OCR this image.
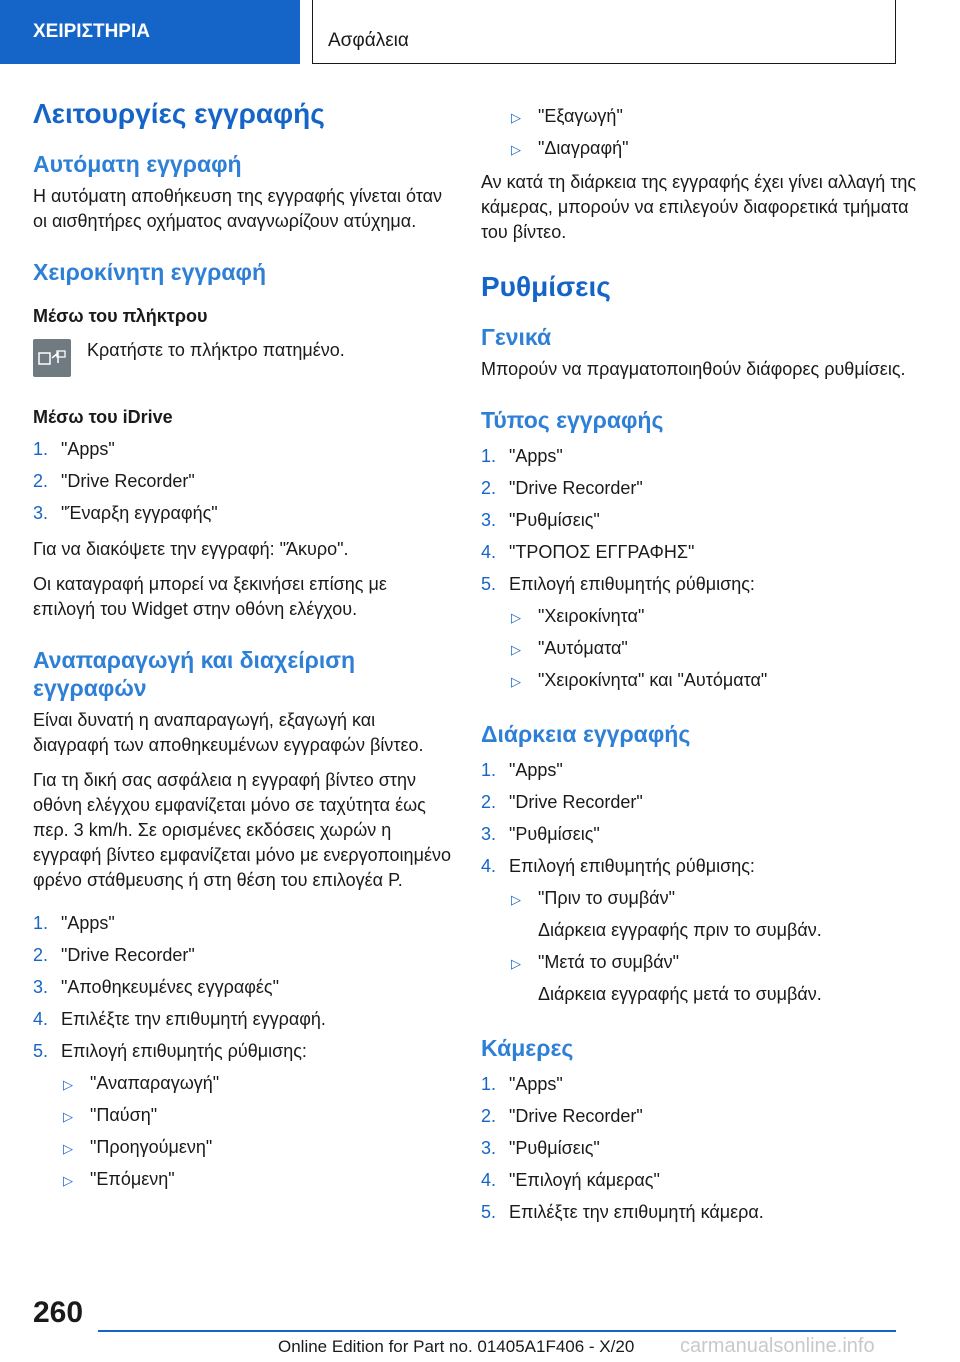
ΧΕΙΡΙΣΤΗΡΙΑ	Ασφάλεια
Λειτουργίες εγγραφής
Αυτόματη εγγραφή

Η αυτόματη αποθήκευση της εγγραφής γίνεται όταν οι αισθητήρες οχήματος αναγνωρίζουν ατύχημα.

Χειροκίνητη εγγραφή
Μέσω του πλήκτρου

Κρατήστε το πλήκτρο πατημένο.

Μέσω του iDrive
1. "Apps"
2. "Drive Recorder"
3. "Έναρξη εγγραφής"

Για να διακόψετε την εγγραφή: "Άκυρο".

Οι καταγραφή μπορεί να ξεκινήσει επίσης με επιλογή του Widget στην οθόνη ελέγχου.

Αναπαραγωγή και διαχείριση εγγραφών

Είναι δυνατή η αναπαραγωγή, εξαγωγή και διαγραφή των αποθηκευμένων εγγραφών βίντεο.

Για τη δική σας ασφάλεια η εγγραφή βίντεο στην οθόνη ελέγχου εμφανίζεται μόνο σε ταχύτητα έως περ. 3 km/h. Σε ορισμένες εκδόσεις χωρών η εγγραφή βίντεο εμφανίζεται μόνο με ενεργοποιημένο φρένο στάθμευσης ή στη θέση του επιλογέα P.

1. "Apps"
2. "Drive Recorder"
3. "Αποθηκευμένες εγγραφές"
4. Επιλέξτε την επιθυμητή εγγραφή.
5. Επιλογή επιθυμητής ρύθμισης:
▷ "Αναπαραγωγή"
▷ "Παύση"
▷ "Προηγούμενη"
▷ "Επόμενη"
▷ "Εξαγωγή"
▷ "Διαγραφή"

Αν κατά τη διάρκεια της εγγραφής έχει γίνει αλλαγή της κάμερας, μπορούν να επιλεγούν διαφορετικά τμήματα του βίντεο.

Ρυθμίσεις
Γενικά

Μπορούν να πραγματοποιηθούν διάφορες ρυθμίσεις.

Τύπος εγγραφής
1. "Apps"
2. "Drive Recorder"
3. "Ρυθμίσεις"
4. "ΤΡΟΠΟΣ ΕΓΓΡΑΦΗΣ"
5. Επιλογή επιθυμητής ρύθμισης:
▷ "Χειροκίνητα"
▷ "Αυτόματα"
▷ "Χειροκίνητα" και "Αυτόματα"
Διάρκεια εγγραφής
1. "Apps"
2. "Drive Recorder"
3. "Ρυθμίσεις"
4. Επιλογή επιθυμητής ρύθμισης:
▷ "Πριν το συμβάν"
Διάρκεια εγγραφής πριν το συμβάν.
▷ "Μετά το συμβάν"
Διάρκεια εγγραφής μετά το συμβάν.
Κάμερες
1. "Apps"
2. "Drive Recorder"
3. "Ρυθμίσεις"
4. "Επιλογή κάμερας"
5. Επιλέξτε την επιθυμητή κάμερα.
260
Online Edition for Part no. 01405A1F406 - X/20 carmanualsonline.info
